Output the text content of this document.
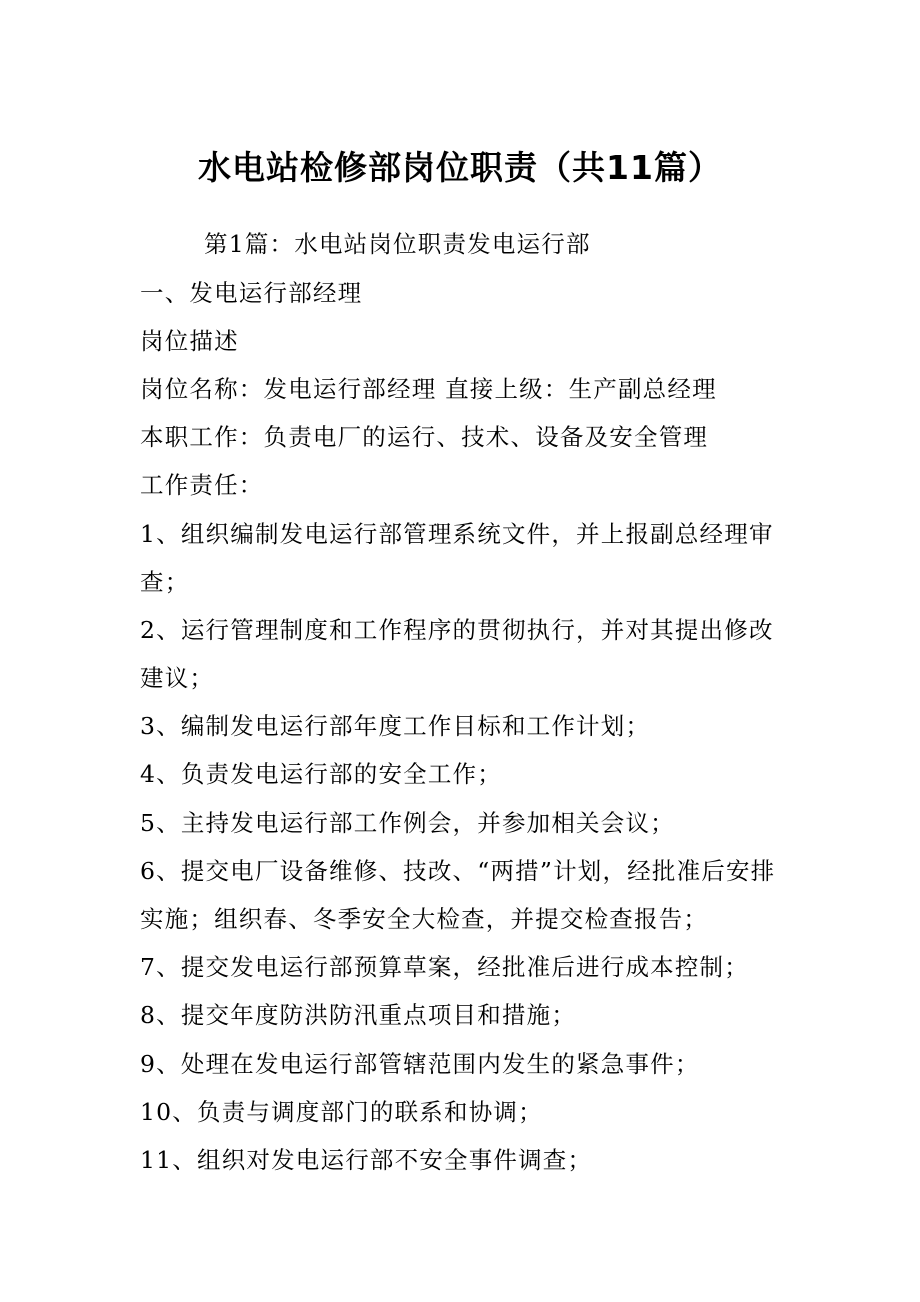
水电站检修部岗位职责（共11篇）
第1篇：水电站岗位职责发电运行部
一、发电运行部经理
岗位描述
岗位名称：发电运行部经理 直接上级：生产副总经理
本职工作：负责电厂的运行、技术、设备及安全管理
工作责任：
1、组织编制发电运行部管理系统文件，并上报副总经理审
查；
2、运行管理制度和工作程序的贯彻执行，并对其提出修改
建议；
3、编制发电运行部年度工作目标和工作计划；
4、负责发电运行部的安全工作；
5、主持发电运行部工作例会，并参加相关会议；
6、提交电厂设备维修、技改、“两措”计划，经批准后安排
实施；组织春、冬季安全大检查，并提交检查报告；
7、提交发电运行部预算草案，经批准后进行成本控制；
8、提交年度防洪防汛重点项目和措施；
9、处理在发电运行部管辖范围内发生的紧急事件；
10、负责与调度部门的联系和协调；
11、组织对发电运行部不安全事件调查；
